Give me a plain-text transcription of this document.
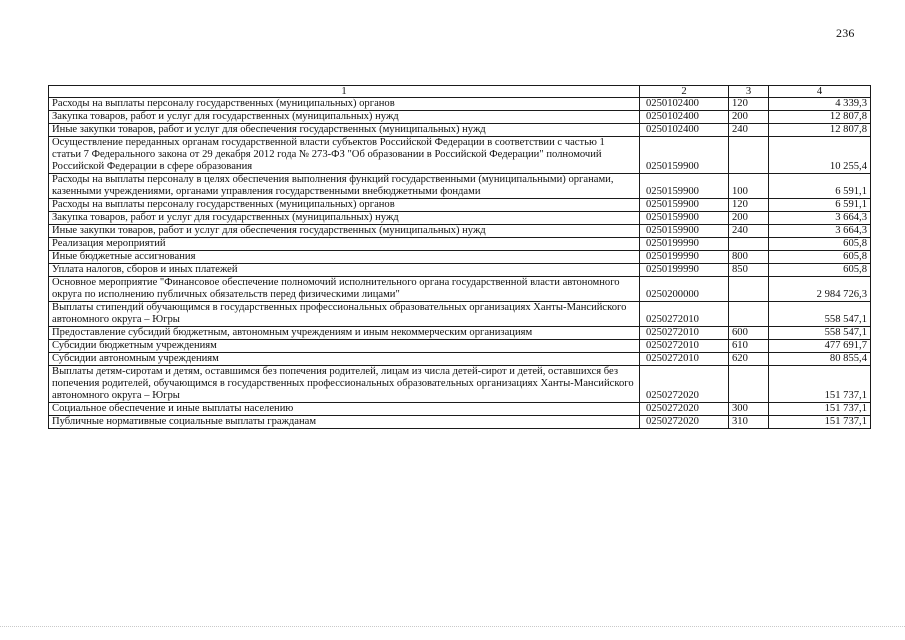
236
1	2	3	4
Расходы на выплаты персоналу государственных (муниципальных) органов	0250102400	120	4 339,3
Закупка товаров, работ и услуг для государственных (муниципальных) нужд	0250102400	200	12 807,8
Иные закупки товаров, работ и услуг для обеспечения государственных (муниципальных) нужд	0250102400	240	12 807,8
Осуществление переданных органам государственной власти субъектов Российской Федерации в соответствии с частью 1 статьи 7 Федерального закона от 29 декабря 2012 года № 273-ФЗ "Об образовании в Российской Федерации" полномочий Российской Федерации в сфере образования	0250159900		10 255,4
Расходы на выплаты персоналу в целях обеспечения выполнения функций государственными (муниципальными) органами, казенными учреждениями, органами управления государственными внебюджетными фондами	0250159900	100	6 591,1
Расходы на выплаты персоналу государственных (муниципальных) органов	0250159900	120	6 591,1
Закупка товаров, работ и услуг для государственных (муниципальных) нужд	0250159900	200	3 664,3
Иные закупки товаров, работ и услуг для обеспечения государственных (муниципальных) нужд	0250159900	240	3 664,3
Реализация мероприятий	0250199990		605,8
Иные бюджетные ассигнования	0250199990	800	605,8
Уплата налогов, сборов и иных платежей	0250199990	850	605,8
Основное мероприятие "Финансовое обеспечение полномочий исполнительного органа государственной власти автономного округа по исполнению публичных обязательств перед физическими лицами"	0250200000		2 984 726,3
Выплаты стипендий обучающимся в государственных профессиональных образовательных организациях Ханты-Мансийского автономного округа – Югры	0250272010		558 547,1
Предоставление субсидий бюджетным, автономным учреждениям и иным некоммерческим организациям	0250272010	600	558 547,1
Субсидии бюджетным учреждениям	0250272010	610	477 691,7
Субсидии автономным учреждениям	0250272010	620	80 855,4
Выплаты детям-сиротам и детям, оставшимся без попечения родителей, лицам из числа детей-сирот и детей, оставшихся без попечения родителей, обучающимся в государственных профессиональных образовательных организациях Ханты-Мансийского автономного округа – Югры	0250272020		151 737,1
Социальное обеспечение и иные выплаты населению	0250272020	300	151 737,1
Публичные нормативные социальные выплаты гражданам	0250272020	310	151 737,1
